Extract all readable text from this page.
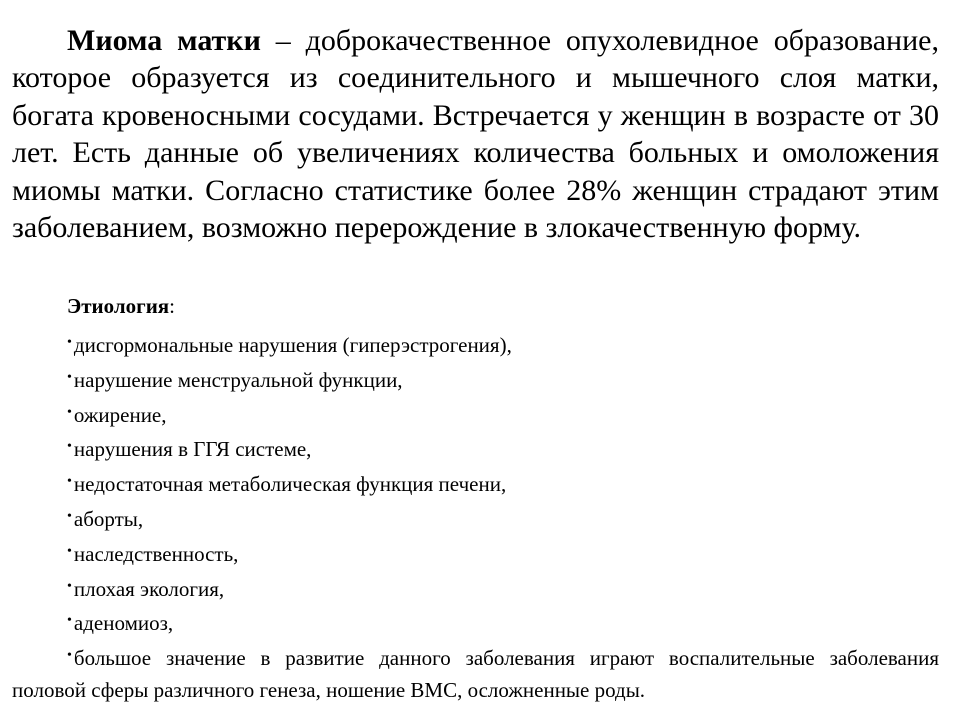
Миома матки – доброкачественное опухолевидное образование, которое образуется из соединительного и мышечного слоя матки, богата кровеносными сосудами. Встречается у женщин в возрасте от 30 лет. Есть данные об увеличениях количества больных и омоложения миомы матки. Согласно статистике более 28% женщин страдают этим заболеванием, возможно перерождение в злокачественную форму.

Этиология:

•дисгормональные нарушения (гиперэстрогения),
•нарушение менструальной функции,
•ожирение,
•нарушения в ГГЯ системе,
•недостаточная метаболическая функция печени,
•аборты,
•наследственность,
•плохая экология,
•аденомиоз,
•большое значение в развитие данного заболевания играют воспалительные заболевания половой сферы различного генеза, ношение ВМС, осложненные роды.
